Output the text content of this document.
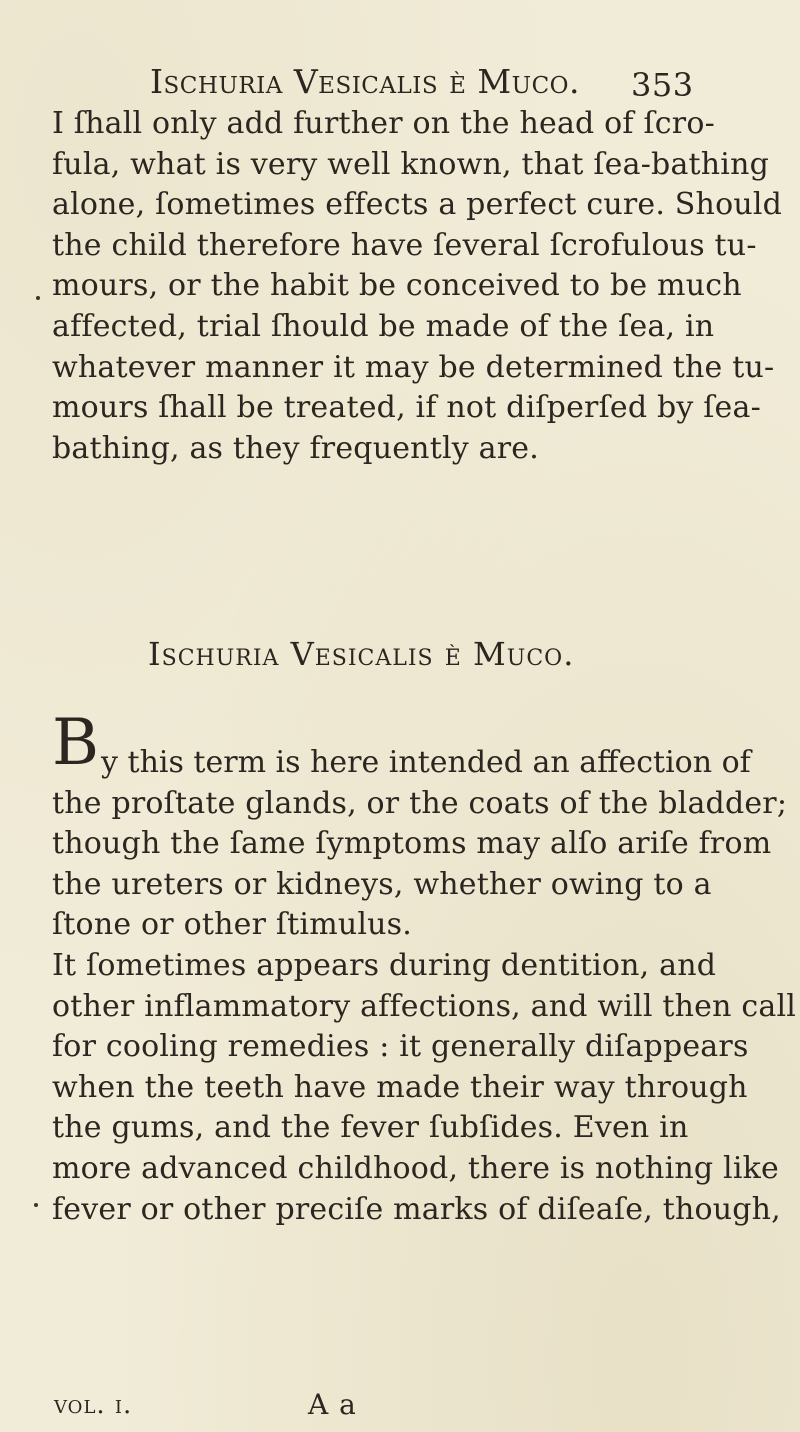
Ischuria Vesicalis è Muco. 353
I ſhall only add further on the head of ſcro-
fula, what is very well known, that ſea-bathing
alone, ſometimes effects a perfect cure. Should
the child therefore have ſeveral ſcrofulous tu-
mours, or the habit be conceived to be much
affected, trial ſhould be made of the ſea, in
whatever manner it may be determined the tu-
mours ſhall be treated, if not diſperſed by ſea-
bathing, as they frequently are.
Ischuria Vesicalis è Muco.
By this term is here intended an affection of
the proſtate glands, or the coats of the bladder;
though the ſame ſymptoms may alſo ariſe from
the ureters or kidneys, whether owing to a
ſtone or other ſtimulus.
It ſometimes appears during dentition, and
other inflammatory affections, and will then call
for cooling remedies : it generally diſappears
when the teeth have made their way through
the gums, and the fever ſubſides. Even in
more advanced childhood, there is nothing like
fever or other preciſe marks of diſeaſe, though,
vol. i.	A a
